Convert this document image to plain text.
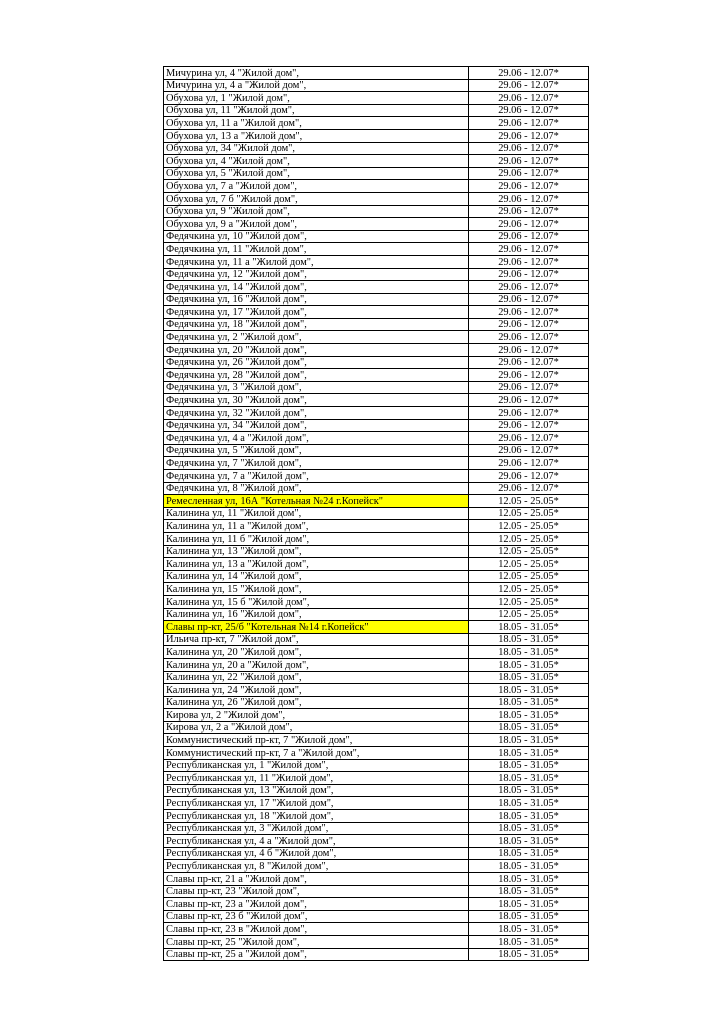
Мичурина ул, 4 "Жилой дом",	29.06 - 12.07*
Мичурина ул, 4 а "Жилой дом",	29.06 - 12.07*
Обухова ул, 1 "Жилой дом",	29.06 - 12.07*
Обухова ул, 11 "Жилой дом",	29.06 - 12.07*
Обухова ул, 11 а "Жилой дом",	29.06 - 12.07*
Обухова ул, 13 а "Жилой дом",	29.06 - 12.07*
Обухова ул, 34 "Жилой дом",	29.06 - 12.07*
Обухова ул, 4 "Жилой дом",	29.06 - 12.07*
Обухова ул, 5 "Жилой дом",	29.06 - 12.07*
Обухова ул, 7 а "Жилой дом",	29.06 - 12.07*
Обухова ул, 7 б "Жилой дом",	29.06 - 12.07*
Обухова ул, 9 "Жилой дом",	29.06 - 12.07*
Обухова ул, 9 а "Жилой дом",	29.06 - 12.07*
Федячкина ул, 10 "Жилой дом",	29.06 - 12.07*
Федячкина ул, 11 "Жилой дом",	29.06 - 12.07*
Федячкина ул, 11 а "Жилой дом",	29.06 - 12.07*
Федячкина ул, 12 "Жилой дом",	29.06 - 12.07*
Федячкина ул, 14 "Жилой дом",	29.06 - 12.07*
Федячкина ул, 16 "Жилой дом",	29.06 - 12.07*
Федячкина ул, 17 "Жилой дом",	29.06 - 12.07*
Федячкина ул, 18 "Жилой дом",	29.06 - 12.07*
Федячкина ул, 2 "Жилой дом",	29.06 - 12.07*
Федячкина ул, 20 "Жилой дом",	29.06 - 12.07*
Федячкина ул, 26 "Жилой дом",	29.06 - 12.07*
Федячкина ул, 28 "Жилой дом",	29.06 - 12.07*
Федячкина ул, 3 "Жилой дом",	29.06 - 12.07*
Федячкина ул, 30 "Жилой дом",	29.06 - 12.07*
Федячкина ул, 32 "Жилой дом",	29.06 - 12.07*
Федячкина ул, 34 "Жилой дом",	29.06 - 12.07*
Федячкина ул, 4 а "Жилой дом",	29.06 - 12.07*
Федячкина ул, 5 "Жилой дом",	29.06 - 12.07*
Федячкина ул, 7 "Жилой дом",	29.06 - 12.07*
Федячкина ул, 7 а "Жилой дом",	29.06 - 12.07*
Федячкина ул, 8 "Жилой дом",	29.06 - 12.07*
Ремесленная ул, 16А "Котельная №24 г.Копейск"	12.05 - 25.05*
Калинина ул, 11 "Жилой дом",	12.05 - 25.05*
Калинина ул, 11 а "Жилой дом",	12.05 - 25.05*
Калинина ул, 11 б "Жилой дом",	12.05 - 25.05*
Калинина ул, 13 "Жилой дом",	12.05 - 25.05*
Калинина ул, 13 а "Жилой дом",	12.05 - 25.05*
Калинина ул, 14 "Жилой дом",	12.05 - 25.05*
Калинина ул, 15 "Жилой дом",	12.05 - 25.05*
Калинина ул, 15 б "Жилой дом",	12.05 - 25.05*
Калинина ул, 16 "Жилой дом",	12.05 - 25.05*
Славы пр-кт, 25/б "Котельная №14 г.Копейск"	18.05 - 31.05*
Ильича пр-кт, 7 "Жилой дом",	18.05 - 31.05*
Калинина ул, 20 "Жилой дом",	18.05 - 31.05*
Калинина ул, 20 а "Жилой дом",	18.05 - 31.05*
Калинина ул, 22 "Жилой дом",	18.05 - 31.05*
Калинина ул, 24 "Жилой дом",	18.05 - 31.05*
Калинина ул, 26 "Жилой дом",	18.05 - 31.05*
Кирова ул, 2 "Жилой дом",	18.05 - 31.05*
Кирова ул, 2 а "Жилой дом",	18.05 - 31.05*
Коммунистический пр-кт, 7 "Жилой дом",	18.05 - 31.05*
Коммунистический пр-кт, 7 а "Жилой дом",	18.05 - 31.05*
Республиканская ул, 1 "Жилой дом",	18.05 - 31.05*
Республиканская ул, 11 "Жилой дом",	18.05 - 31.05*
Республиканская ул, 13 "Жилой дом",	18.05 - 31.05*
Республиканская ул, 17 "Жилой дом",	18.05 - 31.05*
Республиканская ул, 18 "Жилой дом",	18.05 - 31.05*
Республиканская ул, 3 "Жилой дом",	18.05 - 31.05*
Республиканская ул, 4 а "Жилой дом",	18.05 - 31.05*
Республиканская ул, 4 б "Жилой дом",	18.05 - 31.05*
Республиканская ул, 8 "Жилой дом",	18.05 - 31.05*
Славы пр-кт, 21 а "Жилой дом",	18.05 - 31.05*
Славы пр-кт, 23 "Жилой дом",	18.05 - 31.05*
Славы пр-кт, 23 а "Жилой дом",	18.05 - 31.05*
Славы пр-кт, 23 б "Жилой дом",	18.05 - 31.05*
Славы пр-кт, 23 в "Жилой дом",	18.05 - 31.05*
Славы пр-кт, 25 "Жилой дом",	18.05 - 31.05*
Славы пр-кт, 25 а "Жилой дом",	18.05 - 31.05*
